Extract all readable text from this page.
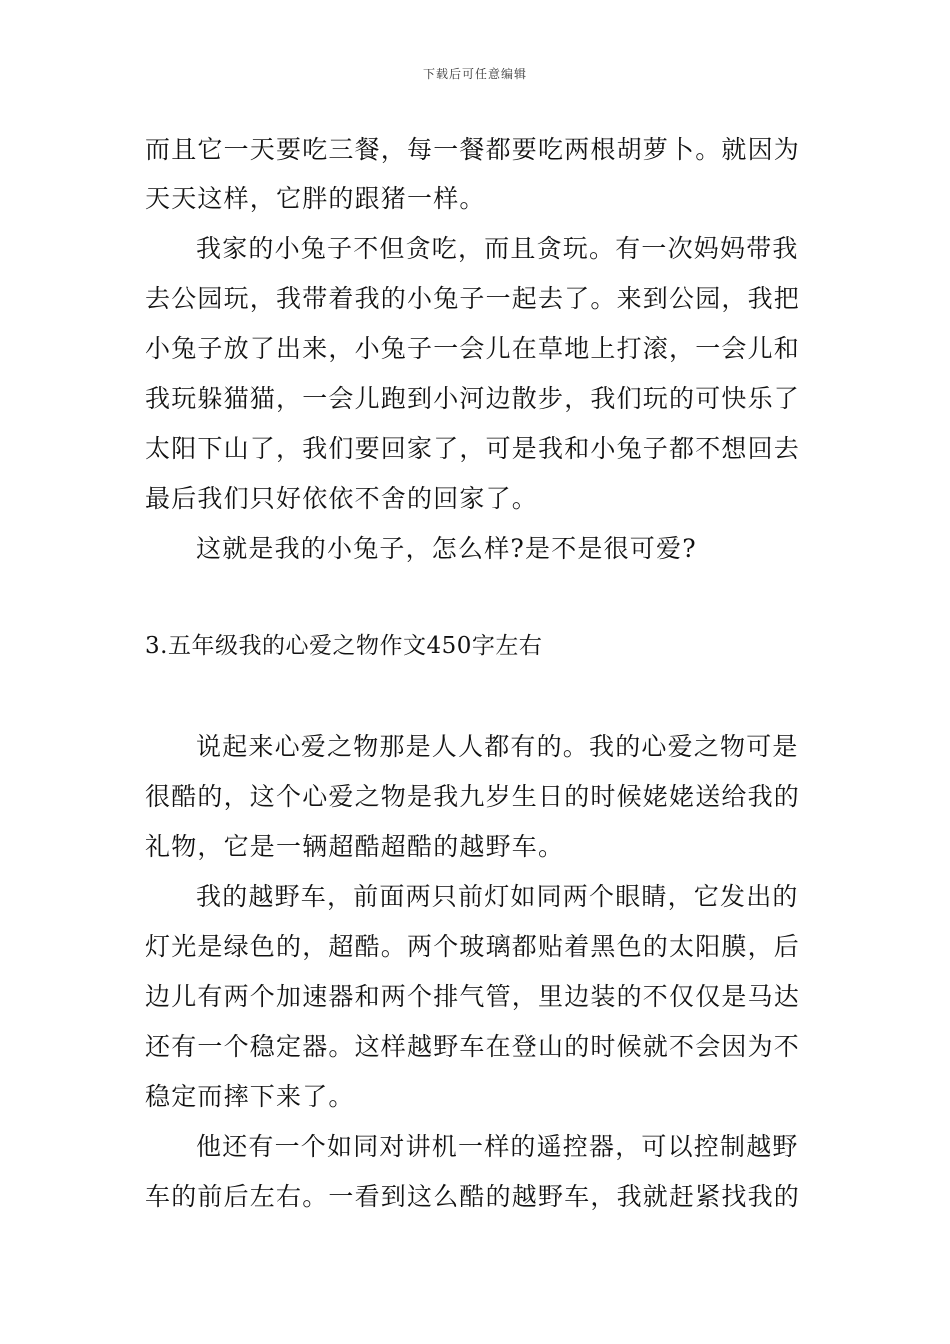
下载后可任意编辑
而且它一天要吃三餐，每一餐都要吃两根胡萝卜。就因为
天天这样，它胖的跟猪一样。
我家的小兔子不但贪吃，而且贪玩。有一次妈妈带我
去公园玩，我带着我的小兔子一起去了。来到公园，我把
小兔子放了出来，小兔子一会儿在草地上打滚，一会儿和
我玩躲猫猫，一会儿跑到小河边散步，我们玩的可快乐了
太阳下山了，我们要回家了，可是我和小兔子都不想回去
最后我们只好依依不舍的回家了。
这就是我的小兔子，怎么样?是不是很可爱?
3.五年级我的心爱之物作文450字左右
说起来心爱之物那是人人都有的。我的心爱之物可是
很酷的，这个心爱之物是我九岁生日的时候姥姥送给我的
礼物，它是一辆超酷超酷的越野车。
我的越野车，前面两只前灯如同两个眼睛，它发出的
灯光是绿色的，超酷。两个玻璃都贴着黑色的太阳膜，后
边儿有两个加速器和两个排气管，里边装的不仅仅是马达
还有一个稳定器。这样越野车在登山的时候就不会因为不
稳定而摔下来了。
他还有一个如同对讲机一样的遥控器，可以控制越野
车的前后左右。一看到这么酷的越野车，我就赶紧找我的
